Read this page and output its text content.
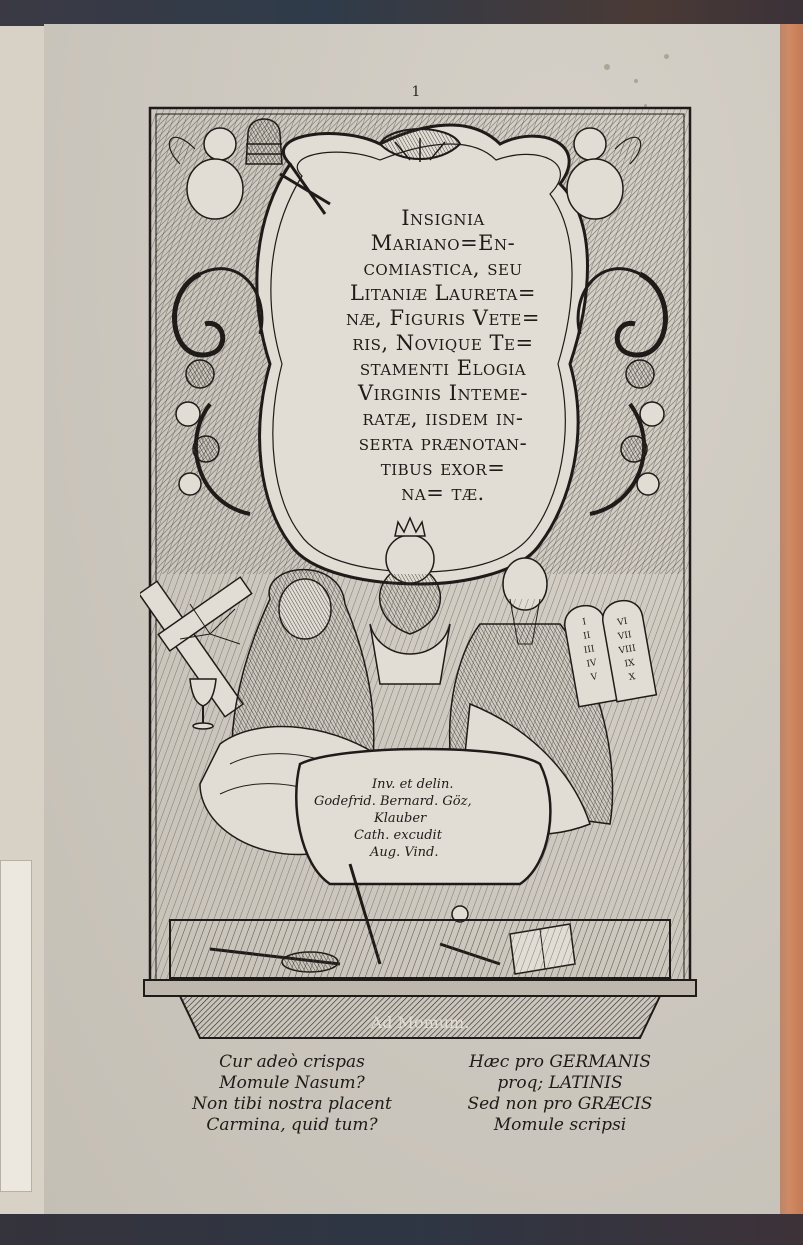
1
I
II
III
IV
V
VI
VII
VIII
IX
X
Insignia
Mariano=En-
comiastica, seu
Litaniæ Laureta=
næ, Figuris Vete=
ris, Novique Te=
stamenti Elogia
Virginis Inteme-
ratæ, iisdem in-
serta prænotan-
tibus exor=
na= tæ.
Inv. et delin.
Godefrid. Bernard. Göz,
Klauber
Cath. excudit
Aug. Vind.
Ad Momum.
Cur adeò crispas
Momule Nasum?
Non tibi nostra placent
Carmina, quid tum?
Hæc pro GERMANIS
proq; LATINIS
Sed non pro GRÆCIS
Momule scripsi
